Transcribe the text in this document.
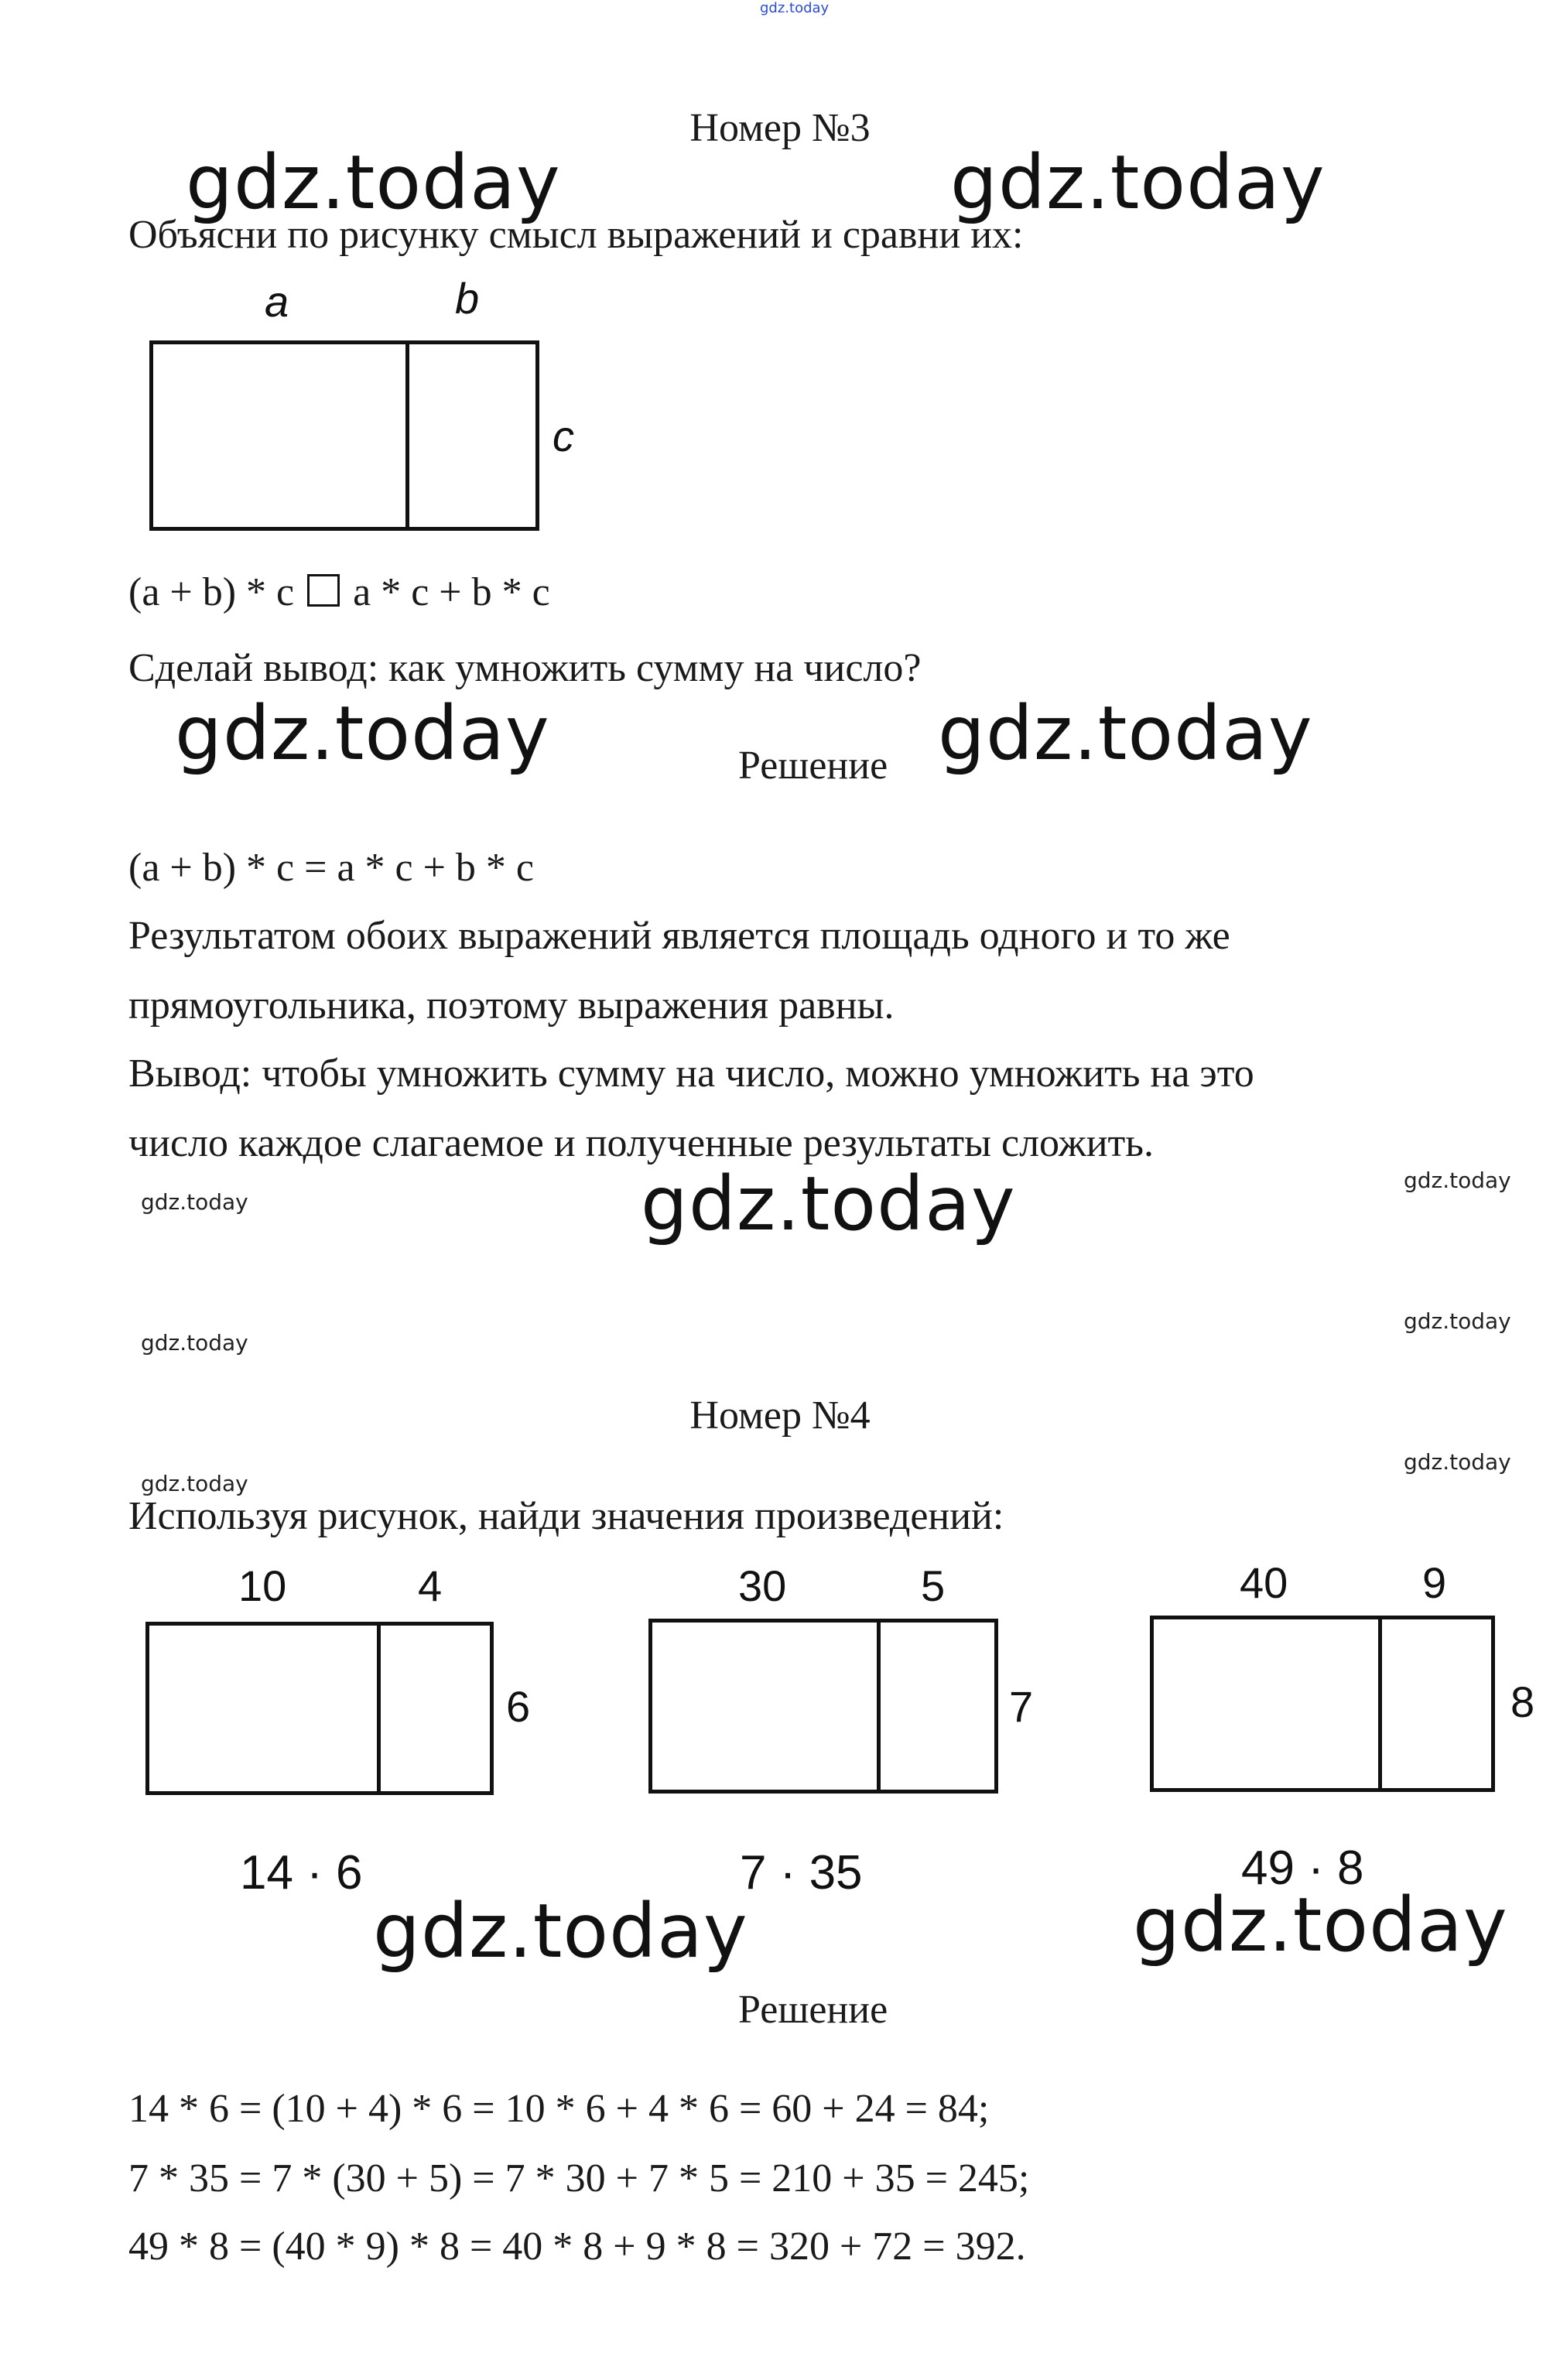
gdz.today
Номер №3
gdz.today	gdz.today
Объясни по рисунку смысл выражений и сравни их:
a	b
c
(a + b) * c a * c + b * c
Сделай вывод: как умножить сумму на число?
gdz.today	Решение gdz.today
(a + b) * c = a * c + b * c
Результатом обоих выражений является площадь одного и то же
прямоугольника, поэтому выражения равны.
Вывод: чтобы умножить сумму на число, можно умножить на это
число каждое слагаемое и полученные результаты сложить.
gdz.today
gdz.today	gdz.today
gdz.today
gdz.today
Номер №4
gdz.today
gdz.today
Используя рисунок, найди значения произведений:
10	4
6
14 · 6
30	5
7
7 · 35
40	9
8
49 · 8
gdz.today	gdz.today
Решение
14 * 6 = (10 + 4) * 6 = 10 * 6 + 4 * 6 = 60 + 24 = 84;
7 * 35 = 7 * (30 + 5) = 7 * 30 + 7 * 5 = 210 + 35 = 245;
49 * 8 = (40 * 9) * 8 = 40 * 8 + 9 * 8 = 320 + 72 = 392.
